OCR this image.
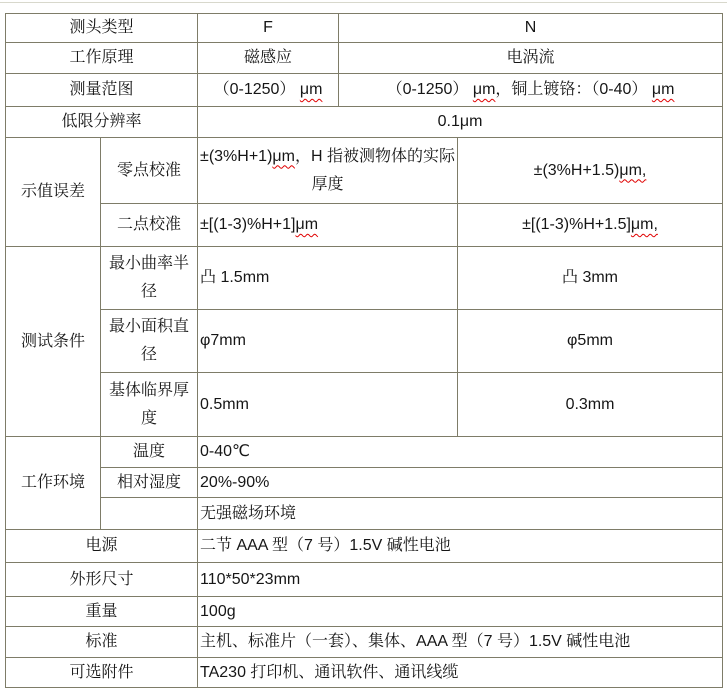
测头类型		F	N	
工作原理		磁感应	电涡流	
测量范图		（0-1250） μm	（0-1250） μm，铜上镀铬：（0-40） μm	
低限分辨率		0.1μm		
示值误差	零点校准	±(3%H+1)μm，H 指被测物体的实际厚度		±(3%H+1.5)μm,
	二点校准	±[(1-3)%H+1]μm		±[(1-3)%H+1.5]μm,
测试条件	最小曲率半径	凸 1.5mm		凸 3mm
	最小面积直径	φ7mm		φ5mm
	基体临界厚度	0.5mm		0.3mm
工作环境	温度	0-40℃		
	相对湿度	20%-90%		
		无强磁场环境		
电源		二节 AAA 型（7 号）1.5V 碱性电池		
外形尺寸		110*50*23mm		
重量		100g		
标准		主机、标准片（一套）、集体、AAA 型（7 号）1.5V 碱性电池		
可选附件		TA230 打印机、通讯软件、通讯线缆		
